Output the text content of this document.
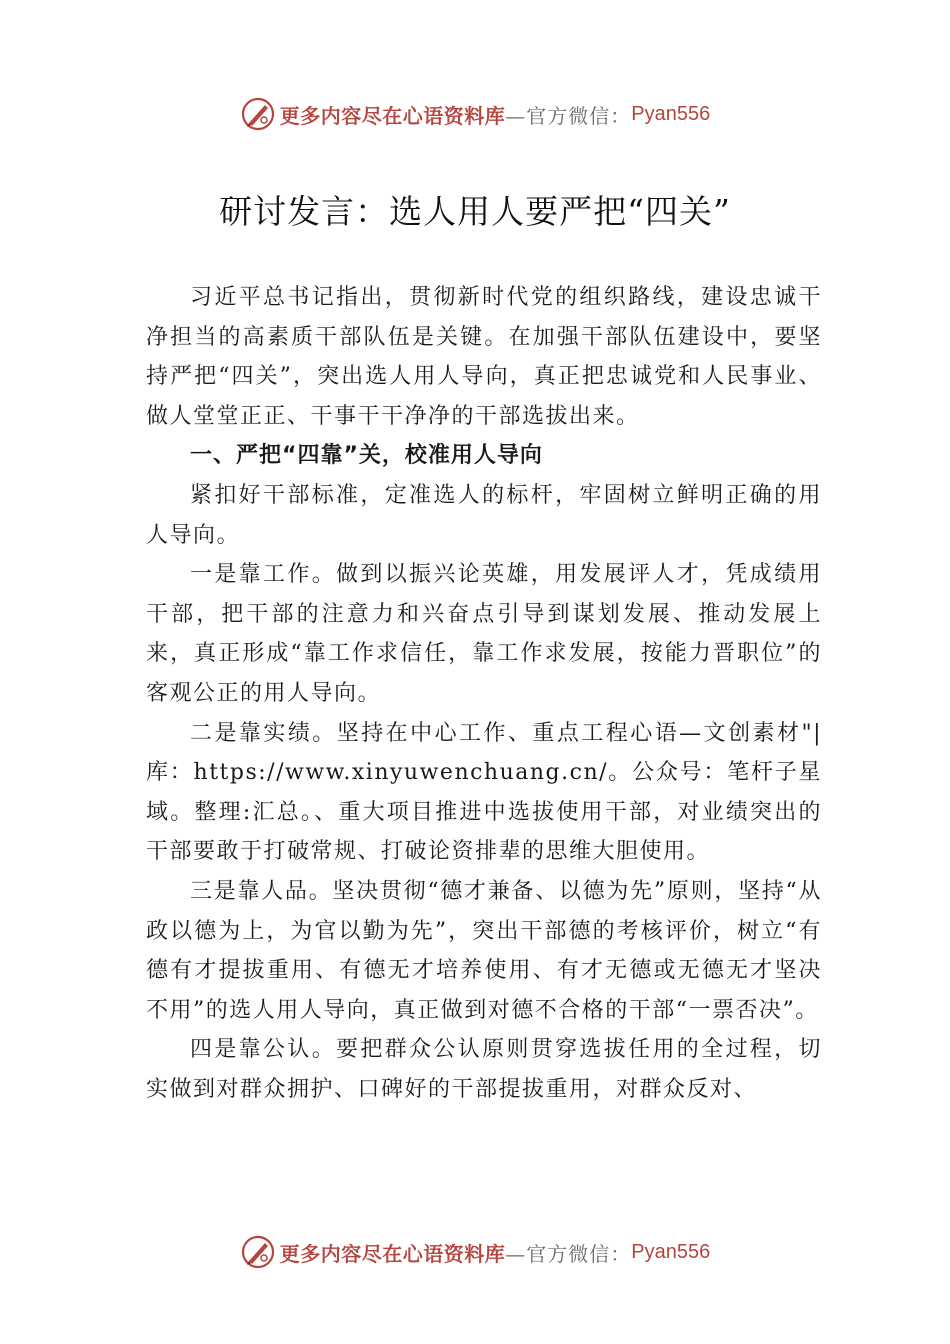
更多内容尽在心语资料库 —官方微信： Pyan556
研讨发言：选人用人要严把“四关”

习近平总书记指出，贯彻新时代党的组织路线，建设忠诚干净担当的高素质干部队伍是关键。在加强干部队伍建设中，要坚持严把“四关”，突出选人用人导向，真正把忠诚党和人民事业、做人堂堂正正、干事干干净净的干部选拔出来。

一、严把“四靠”关，校准用人导向

紧扣好干部标准，定准选人的标杆，牢固树立鲜明正确的用人导向。

一是靠工作。做到以振兴论英雄，用发展评人才，凭成绩用干部，把干部的注意力和兴奋点引导到谋划发展、推动发展上来，真正形成“靠工作求信任，靠工作求发展，按能力晋职位”的客观公正的用人导向。

二是靠实绩。坚持在中心工作、重点工程心语—文创素材"|库：https://www.xinyuwenchuang.cn/。公众号：笔杆子星域。整理:汇总。、重大项目推进中选拔使用干部，对业绩突出的干部要敢于打破常规、打破论资排辈的思维大胆使用。

三是靠人品。坚决贯彻“德才兼备、以德为先”原则，坚持“从政以德为上，为官以勤为先”，突出干部德的考核评价，树立“有德有才提拔重用、有德无才培养使用、有才无德或无德无才坚决不用”的选人用人导向，真正做到对德不合格的干部“一票否决”。

四是靠公认。要把群众公认原则贯穿选拔任用的全过程，切实做到对群众拥护、口碑好的干部提拔重用，对群众反对、

更多内容尽在心语资料库 —官方微信： Pyan556
